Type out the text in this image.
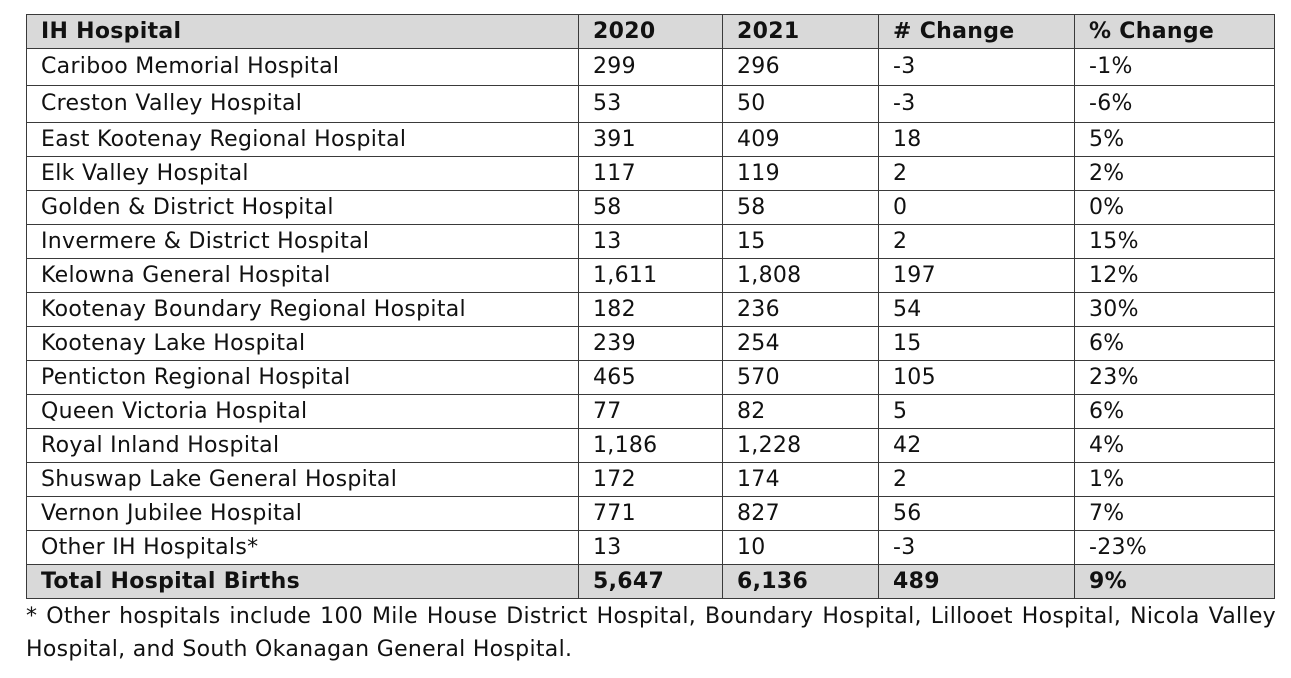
IH Hospital	2020	2021	# Change	% Change
Cariboo Memorial Hospital	299	296	-3	-1%
Creston Valley Hospital	53	50	-3	-6%
East Kootenay Regional Hospital	391	409	18	5%
Elk Valley Hospital	117	119	2	2%
Golden & District Hospital	58	58	0	0%
Invermere & District Hospital	13	15	2	15%
Kelowna General Hospital	1,611	1,808	197	12%
Kootenay Boundary Regional Hospital	182	236	54	30%
Kootenay Lake Hospital	239	254	15	6%
Penticton Regional Hospital	465	570	105	23%
Queen Victoria Hospital	77	82	5	6%
Royal Inland Hospital	1,186	1,228	42	4%
Shuswap Lake General Hospital	172	174	2	1%
Vernon Jubilee Hospital	771	827	56	7%
Other IH Hospitals*	13	10	-3	-23%
Total Hospital Births	5,647	6,136	489	9%
* Other hospitals include 100 Mile House District Hospital, Boundary Hospital, Lillooet Hospital, Nicola Valley Hospital, and South Okanagan General Hospital.
